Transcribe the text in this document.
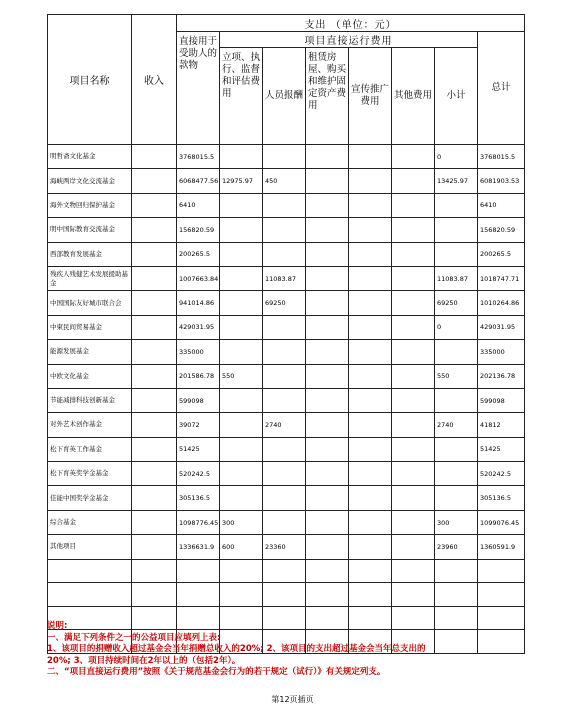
项目名称	收入	支出 （单位：元）							
		直接用于受助人的款物	项目直接运行费用						总计
			立项、执行、监督和评估费用	人员报酬	租赁房屋、购买和维护固定资产费用	宣传推广费用	其他费用	小计	
明哲斋文化基金		3768015.5						0	3768015.5
海峡两岸文化交流基金		6068477.56	12975.97	450				13425.97	6081903.53
海外文物回归保护基金		6410							6410
明中国际教育交流基金		156820.59							156820.59
西部教育发展基金		200265.5							200265.5
残疾人残健艺术发展援助基金		1007663.84		11083.87				11083.87	1018747.71
中国国际友好城市联合会		941014.86		69250				69250	1010264.86
中柬民间贸易基金		429031.95						0	429031.95
能源发展基金		335000							335000
中欧文化基金		201586.78	550					550	202136.78
节能减排科技创新基金		599098							599098
对外艺术创作基金		39072		2740				2740	41812
松下育英工作基金		51425							51425
松下育英奖学金基金		520242.5							520242.5
佳能中国奖学金基金		305136.5							305136.5
综合基金		1098776.45	300					300	1099076.45
其他项目		1336631.9	600	23360				23960	1360591.9

说明:
一、满足下列条件之一的公益项目应填列上表:
1、该项目的捐赠收入超过基金会当年捐赠总收入的20%; 2、该项目的支出超过基金会当年总支出的
20%; 3、项目持续时间在2年以上的（包括2年）。
二、“项目直接运行费用”按照《关于规范基金会行为的若干规定（试行）》有关规定列支。
第12页插页
